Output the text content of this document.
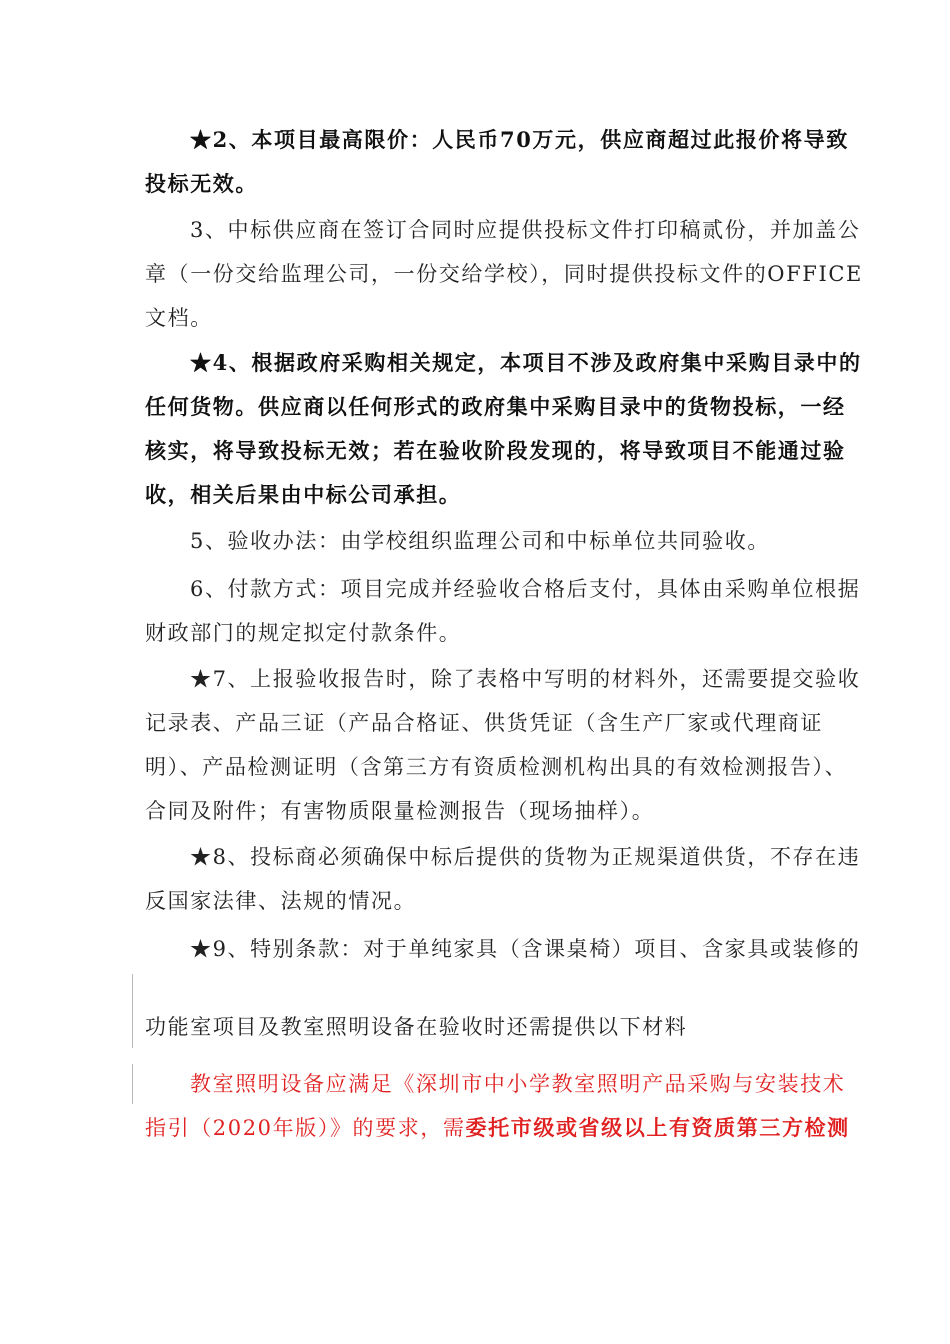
★2、本项目最高限价：人民币70万元，供应商超过此报价将导致
投标无效。
3、中标供应商在签订合同时应提供投标文件打印稿贰份，并加盖公
章（一份交给监理公司，一份交给学校），同时提供投标文件的OFFICE
文档。
★4、根据政府采购相关规定，本项目不涉及政府集中采购目录中的
任何货物。供应商以任何形式的政府集中采购目录中的货物投标，一经
核实，将导致投标无效；若在验收阶段发现的，将导致项目不能通过验
收，相关后果由中标公司承担。
5、验收办法：由学校组织监理公司和中标单位共同验收。
6、付款方式：项目完成并经验收合格后支付，具体由采购单位根据
财政部门的规定拟定付款条件。
★7、上报验收报告时，除了表格中写明的材料外，还需要提交验收
记录表、产品三证（产品合格证、供货凭证（含生产厂家或代理商证
明）、产品检测证明（含第三方有资质检测机构出具的有效检测报告）、
合同及附件；有害物质限量检测报告（现场抽样）。
★8、投标商必须确保中标后提供的货物为正规渠道供货，不存在违
反国家法律、法规的情况。
★9、特别条款：对于单纯家具（含课桌椅）项目、含家具或装修的
功能室项目及教室照明设备在验收时还需提供以下材料
教室照明设备应满足《深圳市中小学教室照明产品采购与安装技术
指引（2020年版）》的要求，需委托市级或省级以上有资质第三方检测
